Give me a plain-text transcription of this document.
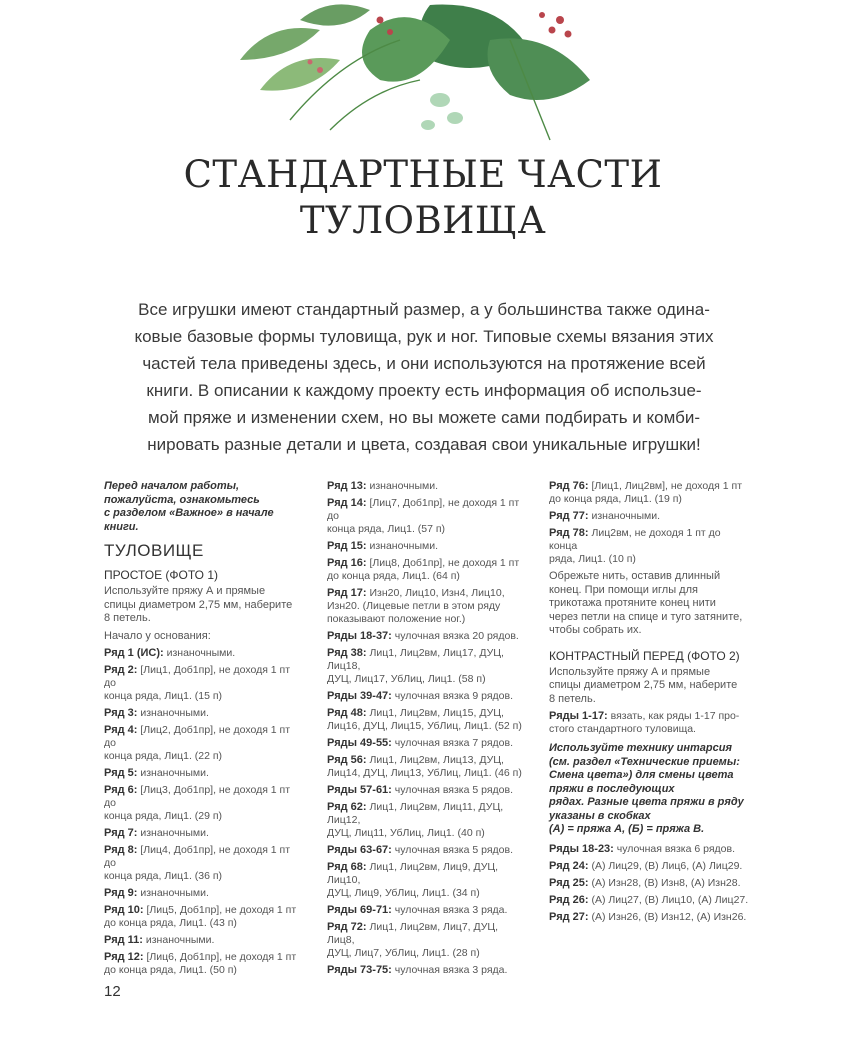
СТАНДАРТНЫЕ ЧАСТИ
ТУЛОВИЩА
Все игрушки имеют стандартный размер, а у большинства также одина-
ковые базовые формы туловища, рук и ног. Типовые схемы вязания этих
частей тела приведены здесь, и они используются на протяжение всей
книги. В описании к каждому проекту есть информация об использue-
мой пряже и изменении схем, но вы можете сами подбирать и комби-
нировать разные детали и цвета, создавая свои уникальные игрушки!
Перед началом работы,
пожалуйста, ознакомьтесь
с разделом «Важное» в начале
книги.
ТУЛОВИЩЕ
ПРОСТОЕ (ФОТО 1)
Используйте пряжу А и прямые
спицы диаметром 2,75 мм, наберите
8 петель.
Начало у основания:
Ряд 1 (ИС): изнаночными.
Ряд 2: [Лиц1, Доб1пр], не доходя 1 пт до
конца ряда, Лиц1. (15 п)
Ряд 3: изнаночными.
Ряд 4: [Лиц2, Доб1пр], не доходя 1 пт до
конца ряда, Лиц1. (22 п)
Ряд 5: изнаночными.
Ряд 6: [Лиц3, Доб1пр], не доходя 1 пт до
конца ряда, Лиц1. (29 п)
Ряд 7: изнаночными.
Ряд 8: [Лиц4, Доб1пр], не доходя 1 пт до
конца ряда, Лиц1. (36 п)
Ряд 9: изнаночными.
Ряд 10: [Лиц5, Доб1пр], не доходя 1 пт
до конца ряда, Лиц1. (43 п)
Ряд 11: изнаночными.
Ряд 12: [Лиц6, Доб1пр], не доходя 1 пт
до конца ряда, Лиц1. (50 п)
Ряд 13: изнаночными.
Ряд 14: [Лиц7, Доб1пр], не доходя 1 пт до
конца ряда, Лиц1. (57 п)
Ряд 15: изнаночными.
Ряд 16: [Лиц8, Доб1пр], не доходя 1 пт
до конца ряда, Лиц1. (64 п)
Ряд 17: Изн20, Лиц10, Изн4, Лиц10,
Изн20. (Лицевые петли в этом ряду
показывают положение ног.)
Ряды 18-37: чулочная вязка 20 рядов.
Ряд 38: Лиц1, Лиц2вм, Лиц17, ДУЦ, Лиц18,
ДУЦ, Лиц17, УбЛиц, Лиц1. (58 п)
Ряды 39-47: чулочная вязка 9 рядов.
Ряд 48: Лиц1, Лиц2вм, Лиц15, ДУЦ,
Лиц16, ДУЦ, Лиц15, УбЛиц, Лиц1. (52 п)
Ряды 49-55: чулочная вязка 7 рядов.
Ряд 56: Лиц1, Лиц2вм, Лиц13, ДУЦ,
Лиц14, ДУЦ, Лиц13, УбЛиц, Лиц1. (46 п)
Ряды 57-61: чулочная вязка 5 рядов.
Ряд 62: Лиц1, Лиц2вм, Лиц11, ДУЦ, Лиц12,
ДУЦ, Лиц11, УбЛиц, Лиц1. (40 п)
Ряды 63-67: чулочная вязка 5 рядов.
Ряд 68: Лиц1, Лиц2вм, Лиц9, ДУЦ, Лиц10,
ДУЦ, Лиц9, УбЛиц, Лиц1. (34 п)
Ряды 69-71: чулочная вязка 3 ряда.
Ряд 72: Лиц1, Лиц2вм, Лиц7, ДУЦ, Лиц8,
ДУЦ, Лиц7, УбЛиц, Лиц1. (28 п)
Ряды 73-75: чулочная вязка 3 ряда.
Ряд 76: [Лиц1, Лиц2вм], не доходя 1 пт
до конца ряда, Лиц1. (19 п)
Ряд 77: изнаночными.
Ряд 78: Лиц2вм, не доходя 1 пт до конца
ряда, Лиц1. (10 п)
Обрежьте нить, оставив длинный
конец. При помощи иглы для
трикотажа протяните конец нити
через петли на спице и туго затяните,
чтобы собрать их.
КОНТРАСТНЫЙ ПЕРЕД (ФОТО 2)
Используйте пряжу А и прямые
спицы диаметром 2,75 мм, наберите
8 петель.
Ряды 1-17: вязать, как ряды 1-17 про-
стого стандартного туловища.
Используйте технику интарсия
(см. раздел «Технические приемы:
Смена цвета») для смены цвета
пряжи в последующих
рядах. Разные цвета пряжи в ряду
указаны в скобках
(А) = пряжа А, (Б) = пряжа В.
Ряды 18-23: чулочная вязка 6 рядов.
Ряд 24: (А) Лиц29, (В) Лиц6, (А) Лиц29.
Ряд 25: (А) Изн28, (В) Изн8, (А) Изн28.
Ряд 26: (А) Лиц27, (В) Лиц10, (А) Лиц27.
Ряд 27: (А) Изн26, (В) Изн12, (А) Изн26.
12
